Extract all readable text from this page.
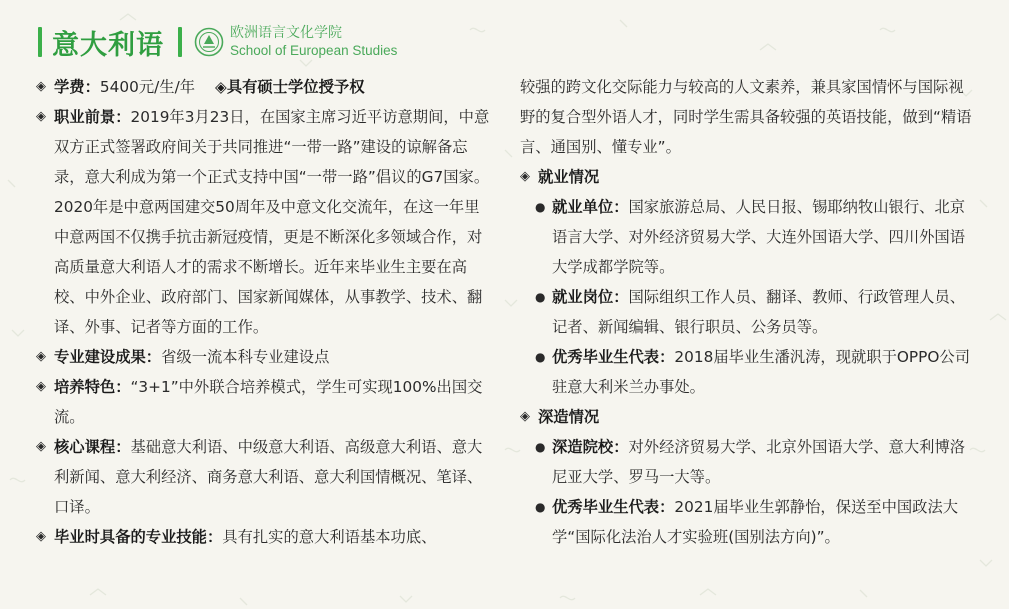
意大利语	欧洲语言文化学院
School of European Studies
◈ 学费：5400元/生/年 ◈具有硕士学位授予权
◈ 职业前景：2019年3月23日，在国家主席习近平访意期间，中意双方正式签署政府间关于共同推进“一带一路”建设的谅解备忘录，意大利成为第一个正式支持中国“一带一路”倡议的G7国家。2020年是中意两国建交50周年及中意文化交流年，在这一年里中意两国不仅携手抗击新冠疫情，更是不断深化多领域合作，对高质量意大利语人才的需求不断增长。近年来毕业生主要在高校、中外企业、政府部门、国家新闻媒体，从事教学、技术、翻译、外事、记者等方面的工作。
◈ 专业建设成果：省级一流本科专业建设点
◈ 培养特色：“3+1”中外联合培养模式，学生可实现100%出国交流。
◈ 核心课程：基础意大利语、中级意大利语、高级意大利语、意大利新闻、意大利经济、商务意大利语、意大利国情概况、笔译、口译。
◈ 毕业时具备的专业技能：具有扎实的意大利语基本功底、
较强的跨文化交际能力与较高的人文素养，兼具家国情怀与国际视野的复合型外语人才，同时学生需具备较强的英语技能，做到“精语言、通国别、懂专业”。
◈ 就业情况
● 就业单位：国家旅游总局、人民日报、锡耶纳牧山银行、北京语言大学、对外经济贸易大学、大连外国语大学、四川外国语大学成都学院等。
● 就业岗位：国际组织工作人员、翻译、教师、行政管理人员、记者、新闻编辑、银行职员、公务员等。
● 优秀毕业生代表：2018届毕业生潘汎涛，现就职于OPPO公司驻意大利米兰办事处。
◈ 深造情况
● 深造院校：对外经济贸易大学、北京外国语大学、意大利博洛尼亚大学、罗马一大等。
● 优秀毕业生代表：2021届毕业生郭静怡，保送至中国政法大学“国际化法治人才实验班(国别法方向)”。
